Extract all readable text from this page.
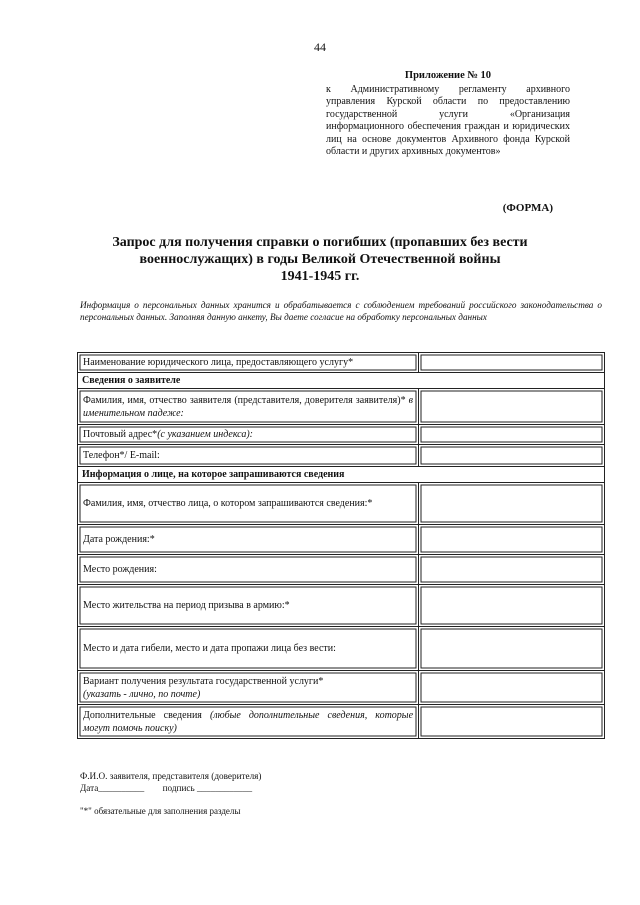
44
Приложение № 10
к Административному регламенту архивного управления Курской области по предоставлению государственной услуги «Организация информационного обеспечения граждан и юридических лиц на основе документов Архивного фонда Курской области и других архивных документов»
(ФОРМА)
Запрос для получения справки о погибших (пропавших без вести
военнослужащих) в годы Великой Отечественной войны
1941-1945 гг.
Информация о персональных данных хранится и обрабатывается с соблюдением требований российского законодательства о персональных данных. Заполняя данную анкету, Вы даете согласие на обработку персональных данных
Наименование юридического лица, предоставляющего услугу*	
Сведения о заявителе	

Фамилия, имя, отчество заявителя (представителя, доверителя заявителя)* в именительном падеже:	

Почтовый адрес*(с указанием индекса):	
Телефон*/ E-mail:	
Информация о лице, на которое запрашиваются сведения	

Фамилия, имя, отчество лица, о котором запрашиваются сведения:*	

Дата рождения:*	
Место рождения:	
Место жительства на период призыва в армию:*	
Место и дата гибели, место и дата пропажи лица без вести:	

Вариант получения результата государственной услуги*
(указать - лично, по почте)	

Дополнительные сведения (любые дополнительные сведения, которые могут помочь поиску)	

Ф.И.О. заявителя, представителя (доверителя)
Дата__________        подпись ____________
"*" обязательные для заполнения разделы
